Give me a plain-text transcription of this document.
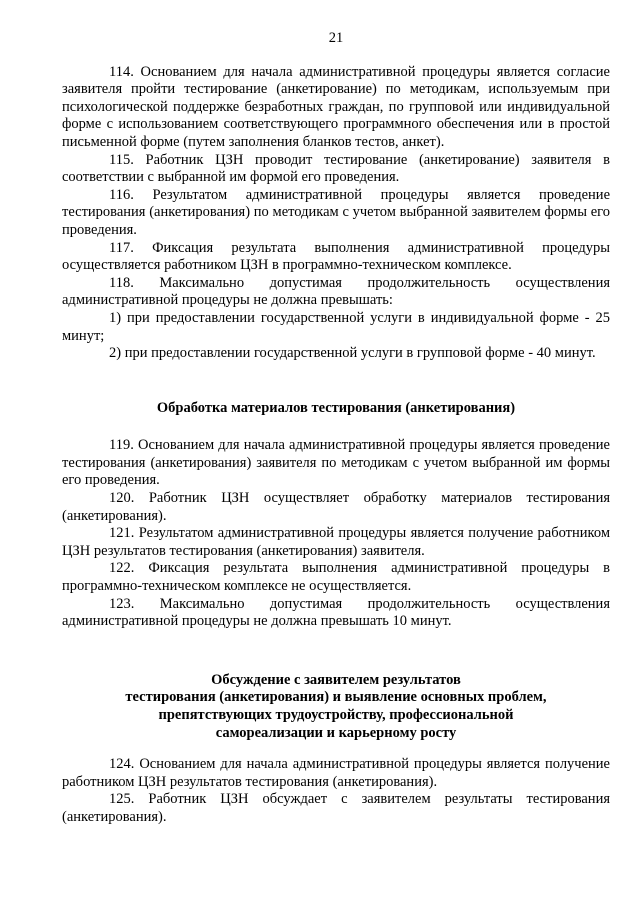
21

114. Основанием для начала административной процедуры является согласие заявителя пройти тестирование (анкетирование) по методикам, используемым при психологической поддержке безработных граждан, по групповой или индивидуальной форме с использованием соответствующего программного обеспечения или в простой письменной форме (путем заполнения бланков тестов, анкет).

115. Работник ЦЗН проводит тестирование (анкетирование) заявителя в соответствии с выбранной им формой его проведения.

116. Результатом административной процедуры является проведение тестирования (анкетирования) по методикам с учетом выбранной заявителем формы его проведения.

117. Фиксация результата выполнения административной процедуры осуществляется работником ЦЗН в программно-техническом комплексе.

118. Максимально допустимая продолжительность осуществления административной процедуры не должна превышать:

1) при предоставлении государственной услуги в индивидуальной форме - 25 минут;

2) при предоставлении государственной услуги в групповой форме - 40 минут.

Обработка материалов тестирования (анкетирования)

119. Основанием для начала административной процедуры является проведение тестирования (анкетирования) заявителя по методикам с учетом выбранной им формы его проведения.

120. Работник ЦЗН осуществляет обработку материалов тестирования (анкетирования).

121. Результатом административной процедуры является получение работником ЦЗН результатов тестирования (анкетирования) заявителя.

122. Фиксация результата выполнения административной процедуры в программно-техническом комплексе не осуществляется.

123. Максимально допустимая продолжительность осуществления административной процедуры не должна превышать 10 минут.

Обсуждение с заявителем результатов
тестирования (анкетирования) и выявление основных проблем,
препятствующих трудоустройству, профессиональной
самореализации и карьерному росту

124. Основанием для начала административной процедуры является получение работником ЦЗН результатов тестирования (анкетирования).

125. Работник ЦЗН обсуждает с заявителем результаты тестирования (анкетирования).
